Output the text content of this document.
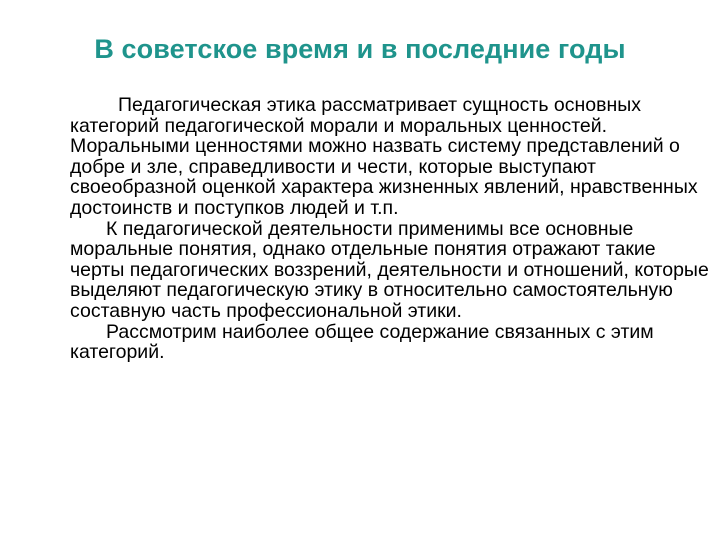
В советское время и в последние годы

Педагогическая этика рассматривает сущность основных категорий педагогической морали и моральных ценностей. Моральными ценностями можно назвать систему представлений о добре и зле, справедливости и чести, которые выступают своеобразной оценкой характера жизненных явлений, нравственных достоинств и поступков людей и т.п.

К педагогической деятельности применимы все основные моральные понятия, однако отдельные понятия отражают такие черты педагогических воззрений, деятельности и отношений, которые выделяют педагогическую этику в относительно самостоятельную составную часть профессиональной этики.

Рассмотрим наиболее общее содержание связанных с этим категорий.
